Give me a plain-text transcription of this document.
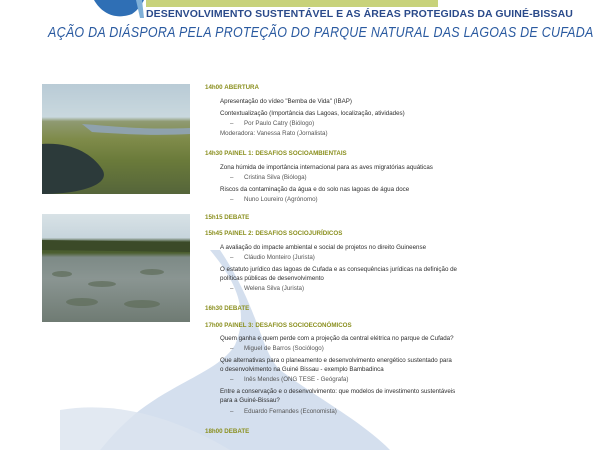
DESENVOLVIMENTO SUSTENTÁVEL E AS ÁREAS PROTEGIDAS DA GUINÉ-BISSAU
AÇÃO DA DIÁSPORA PELA PROTEÇÃO DO PARQUE NATURAL DAS LAGOAS DE CUFADA
14h00 ABERTURA
Apresentação do vídeo "Bemba de Vida" (IBAP)
Contextualização (Importância das Lagoas, localização, atividades)
– Por Paulo Catry (Biólogo)
Moderadora: Vanessa Rato (Jornalista)
14h30 PAINEL 1: DESAFIOS SOCIOAMBIENTAIS
Zona húmida de importância internacional para as aves migratórias aquáticas
– Cristina Silva (Bióloga)
Riscos da contaminação da água e do solo nas lagoas de água doce
– Nuno Loureiro (Agrónomo)
15h15 DEBATE
15h45 PAINEL 2: DESAFIOS SOCIOJURÍDICOS
A avaliação do impacte ambiental e social de projetos no direito Guineense
– Cláudio Monteiro (Jurista)
O estatuto jurídico das lagoas de Cufada e as consequências jurídicas na definição de
políticas públicas de desenvolvimento
– Welena Silva (Jurista)
16h30 DEBATE
17h00 PAINEL 3: DESAFIOS SOCIOECONÓMICOS
Quem ganha e quem perde com a projeção da central elétrica no parque de Cufada?
– Miguel de Barros (Sociólogo)
Que alternativas para o planeamento e desenvolvimento energético sustentado para
o desenvolvimento na Guiné Bissau - exemplo Bambadinca
– Inês Mendes (ONG TESE - Geógrafa)
Entre a conservação e o desenvolvimento: que modelos de investimento sustentáveis
para a Guiné-Bissau?
– Eduardo Fernandes (Economista)
18h00 DEBATE
